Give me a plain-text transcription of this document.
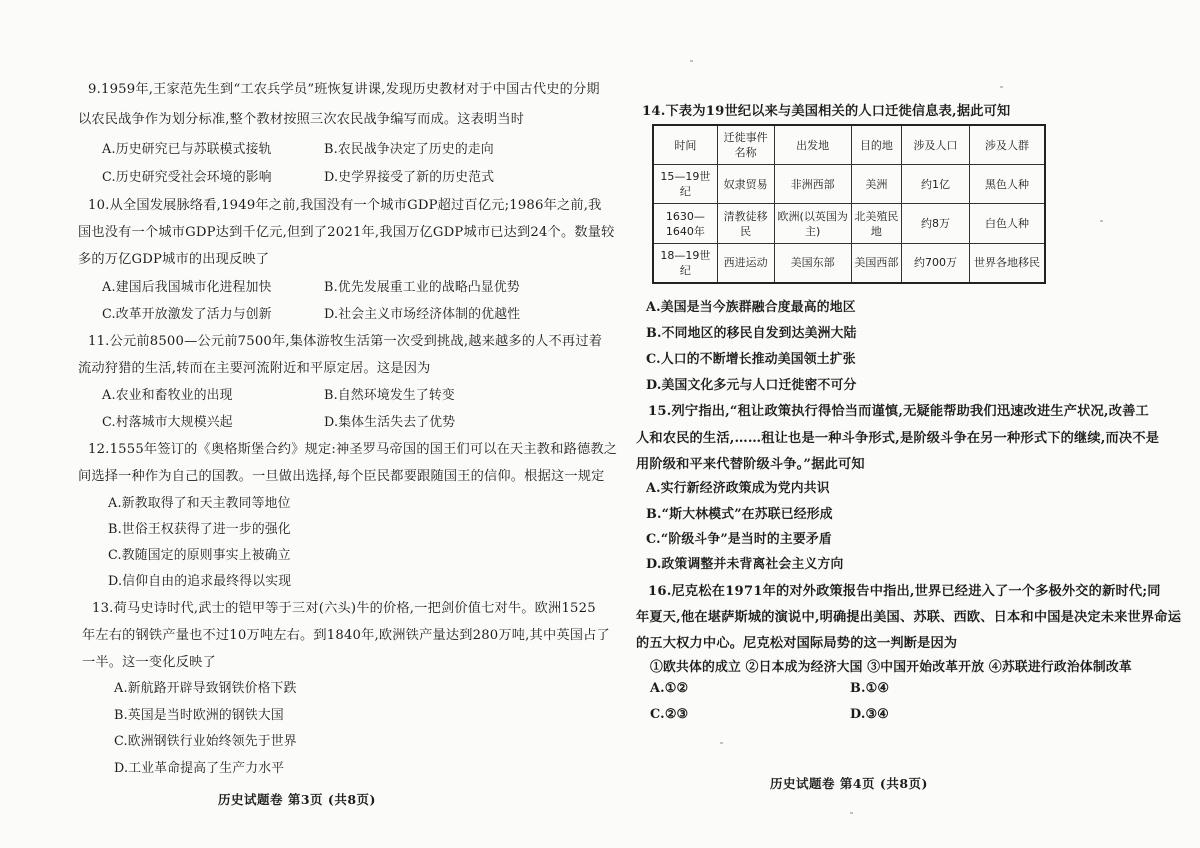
9.1959年,王家范先生到“工农兵学员”班恢复讲课,发现历史教材对于中国古代史的分期
以农民战争作为划分标准,整个教材按照三次农民战争编写而成。这表明当时
A.历史研究已与苏联模式接轨	B.农民战争决定了历史的走向
C.历史研究受社会环境的影响	D.史学界接受了新的历史范式
10.从全国发展脉络看,1949年之前,我国没有一个城市GDP超过百亿元;1986年之前,我
国也没有一个城市GDP达到千亿元,但到了2021年,我国万亿GDP城市已达到24个。数量较
多的万亿GDP城市的出现反映了
A.建国后我国城市化进程加快	B.优先发展重工业的战略凸显优势
C.改革开放激发了活力与创新	D.社会主义市场经济体制的优越性
11.公元前8500—公元前7500年,集体游牧生活第一次受到挑战,越来越多的人不再过着
流动狩猎的生活,转而在主要河流附近和平原定居。这是因为
A.农业和畜牧业的出现	B.自然环境发生了转变
C.村落城市大规模兴起	D.集体生活失去了优势
12.1555年签订的《奥格斯堡合约》规定:神圣罗马帝国的国王们可以在天主教和路德教之
间选择一种作为自己的国教。一旦做出选择,每个臣民都要跟随国王的信仰。根据这一规定
A.新教取得了和天主教同等地位
B.世俗王权获得了进一步的强化
C.教随国定的原则事实上被确立
D.信仰自由的追求最终得以实现
13.荷马史诗时代,武士的铠甲等于三对(六头)牛的价格,一把剑价值七对牛。欧洲1525
年左右的钢铁产量也不过10万吨左右。到1840年,欧洲铁产量达到280万吨,其中英国占了
一半。这一变化反映了
A.新航路开辟导致钢铁价格下跌
B.英国是当时欧洲的钢铁大国
C.欧洲钢铁行业始终领先于世界
D.工业革命提高了生产力水平
历史试题卷 第3页 (共8页)
14.下表为19世纪以来与美国相关的人口迁徙信息表,据此可知
时间	迁徙事件名称	出发地	目的地	涉及人口	涉及人群
15—19世纪	奴隶贸易	非洲西部	美洲	约1亿	黑色人种
1630—1640年	清教徒移民	欧洲(以英国为主)	北美殖民地	约8万	白色人种
18—19世纪	西进运动	美国东部	美国西部	约700万	世界各地移民
A.美国是当今族群融合度最高的地区
B.不同地区的移民自发到达美洲大陆
C.人口的不断增长推动美国领土扩张
D.美国文化多元与人口迁徙密不可分
15.列宁指出,“租让政策执行得恰当而谨慎,无疑能帮助我们迅速改进生产状况,改善工
人和农民的生活,……租让也是一种斗争形式,是阶级斗争在另一种形式下的继续,而决不是
用阶级和平来代替阶级斗争。”据此可知
A.实行新经济政策成为党内共识
B.“斯大林模式”在苏联已经形成
C.“阶级斗争”是当时的主要矛盾
D.政策调整并未背离社会主义方向
16.尼克松在1971年的对外政策报告中指出,世界已经进入了一个多极外交的新时代;同
年夏天,他在堪萨斯城的演说中,明确提出美国、苏联、西欧、日本和中国是决定未来世界命运
的五大权力中心。尼克松对国际局势的这一判断是因为
①欧共体的成立 ②日本成为经济大国 ③中国开始改革开放 ④苏联进行政治体制改革
A.①②	B.①④
C.②③	D.③④
历史试题卷 第4页 (共8页)
